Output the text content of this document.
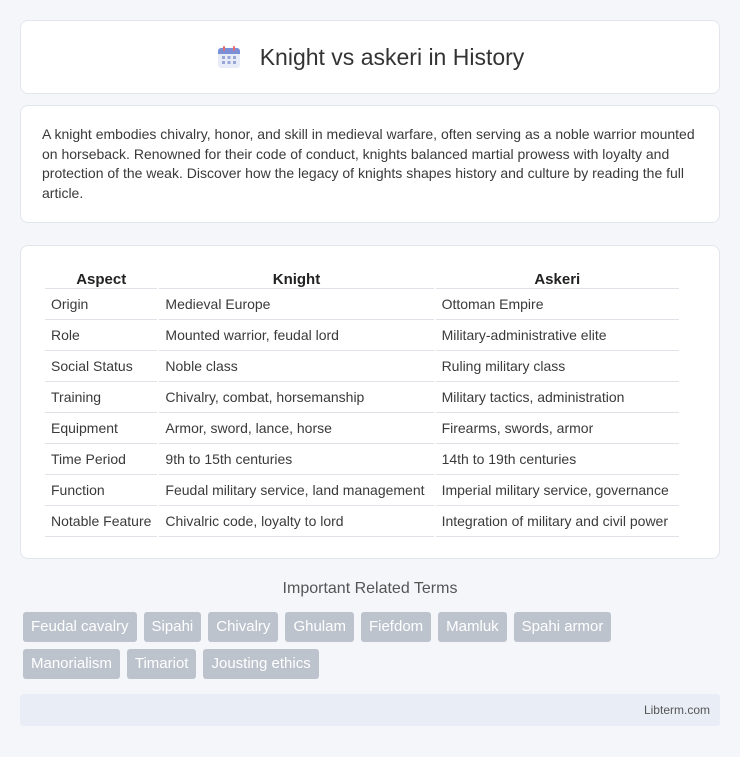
Knight vs askeri in History

A knight embodies chivalry, honor, and skill in medieval warfare, often serving as a noble warrior mounted on horseback. Renowned for their code of conduct, knights balanced martial prowess with loyalty and protection of the weak. Discover how the legacy of knights shapes history and culture by reading the full article.

Aspect	Knight	Askeri
Origin	Medieval Europe	Ottoman Empire
Role	Mounted warrior, feudal lord	Military-administrative elite
Social Status	Noble class	Ruling military class
Training	Chivalry, combat, horsemanship	Military tactics, administration
Equipment	Armor, sword, lance, horse	Firearms, swords, armor
Time Period	9th to 15th centuries	14th to 19th centuries
Function	Feudal military service, land management	Imperial military service, governance
Notable Feature	Chivalric code, loyalty to lord	Integration of military and civil power
Important Related Terms
Feudal cavalry	Sipahi	Chivalry	Ghulam	Fiefdom	Mamluk	Spahi armor
Manorialism	Timariot	Jousting ethics
Libterm.com
